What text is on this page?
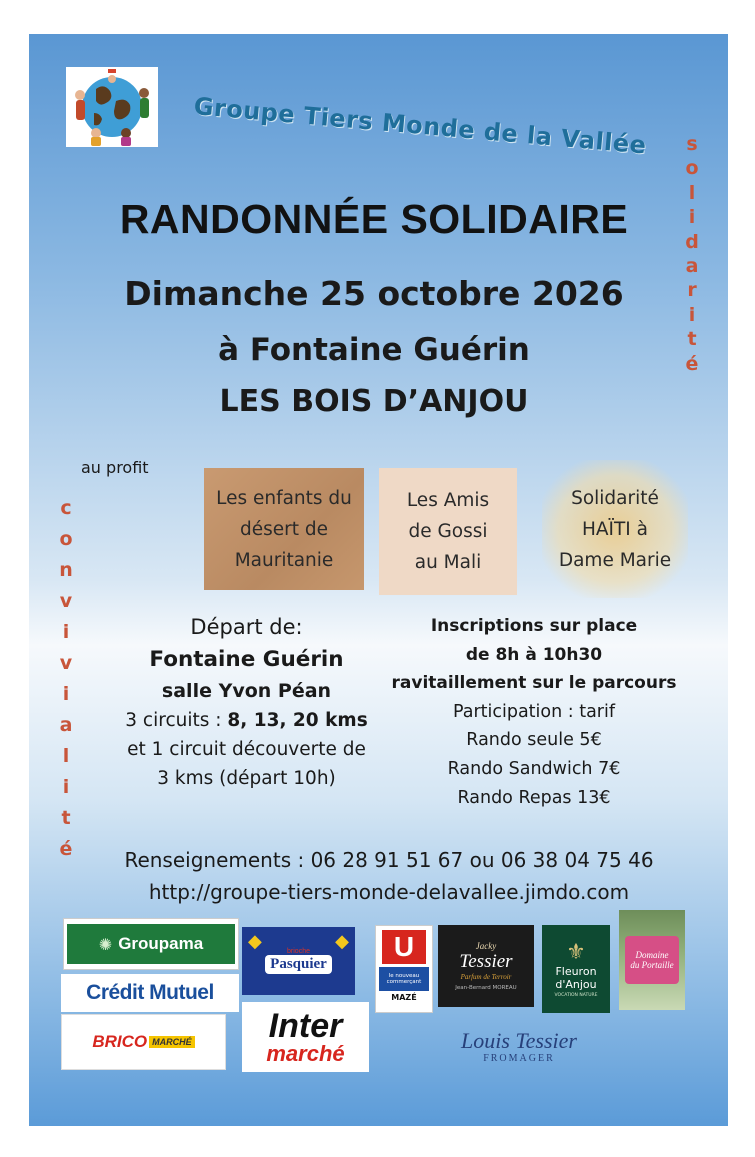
Groupe Tiers Monde de la Vallée	s
o
l
i
d
a
r
i
t
é
c
o
n
v
i
v
i
a
l
i
t
é
RANDONNÉE SOLIDAIRE
Dimanche 25 octobre 2026
à Fontaine Guérin
LES BOIS D’ANJOU
au profit
Les enfants du
désert de
Mauritanie
Les Amis
de Gossi
au Mali
Solidarité
HAÏTI à
Dame Marie
Départ de:
Fontaine Guérin
salle Yvon Péan
3 circuits : 8, 13, 20 kms
et 1 circuit découverte de
3 kms (départ 10h)
Inscriptions sur place
de 8h à 10h30
ravitaillement sur le parcours
Participation : tarif
Rando seule 5€
Rando Sandwich 7€
Rando Repas 13€
Renseignements : 06 28 91 51 67 ou 06 38 04 75 46
http://groupe-tiers-monde-delavallee.jimdo.com
✺ Groupama
Crédit Mutuel
BRICO MARCHÉ
◆	◆
brioche
Pasquier
Inter
marché
U
le nouveau commerçant
MAZÉ
Jacky
Tessier
Parfum de Terroir
Jean-Bernard MOREAU
⚜
Fleuron
d'Anjou
VOCATION NATURE
Domaine
du Portaille
Louis Tessier
FROMAGER
